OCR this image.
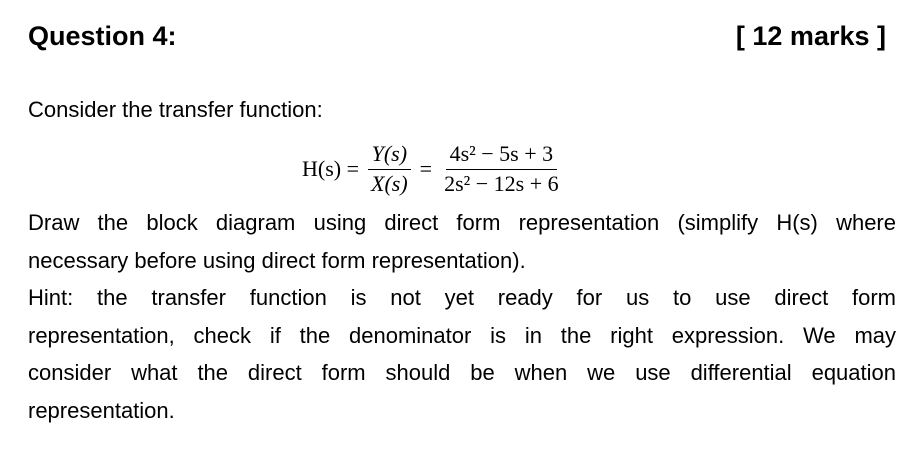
Question 4:	[ 12 marks ]
Consider the transfer function:
$H(s) = \frac{Y(s)}{X(s)} = \frac{\text{4s² − 5s + 3}}{\text{2s² − 12s + 6}}$
Draw the block diagram using direct form representation (simplify H(s) where
necessary before using direct form representation).
Hint: the transfer function is not yet ready for us to use direct form
representation, check if the denominator is in the right expression. We may
consider what the direct form should be when we use differential equation
representation.
